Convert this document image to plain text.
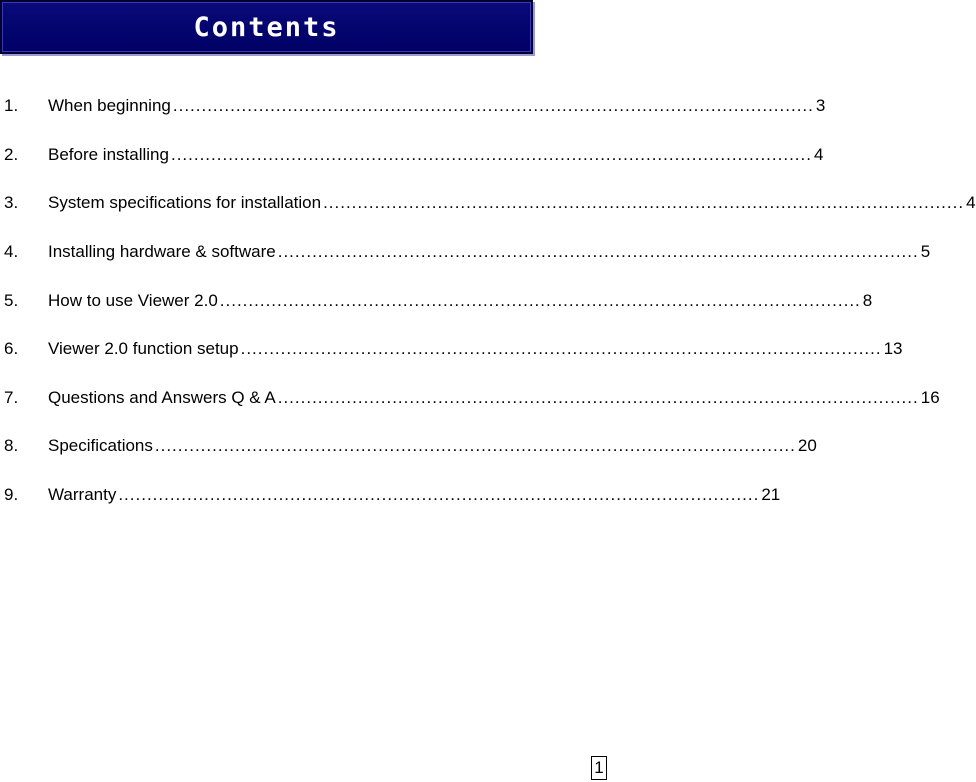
Contents
1.	When beginning ................................................................................................................ 3
2.	Before installing ................................................................................................................ 4
3.	System specifications for installation ................................................................................................................ 4
4.	Installing hardware & software ................................................................................................................ 5
5.	How to use Viewer 2.0 ................................................................................................................ 8
6.	Viewer 2.0 function setup ................................................................................................................ 13
7.	Questions and Answers Q & A ................................................................................................................ 16
8.	Specifications ................................................................................................................ 20
9.	Warranty ................................................................................................................ 21
1
